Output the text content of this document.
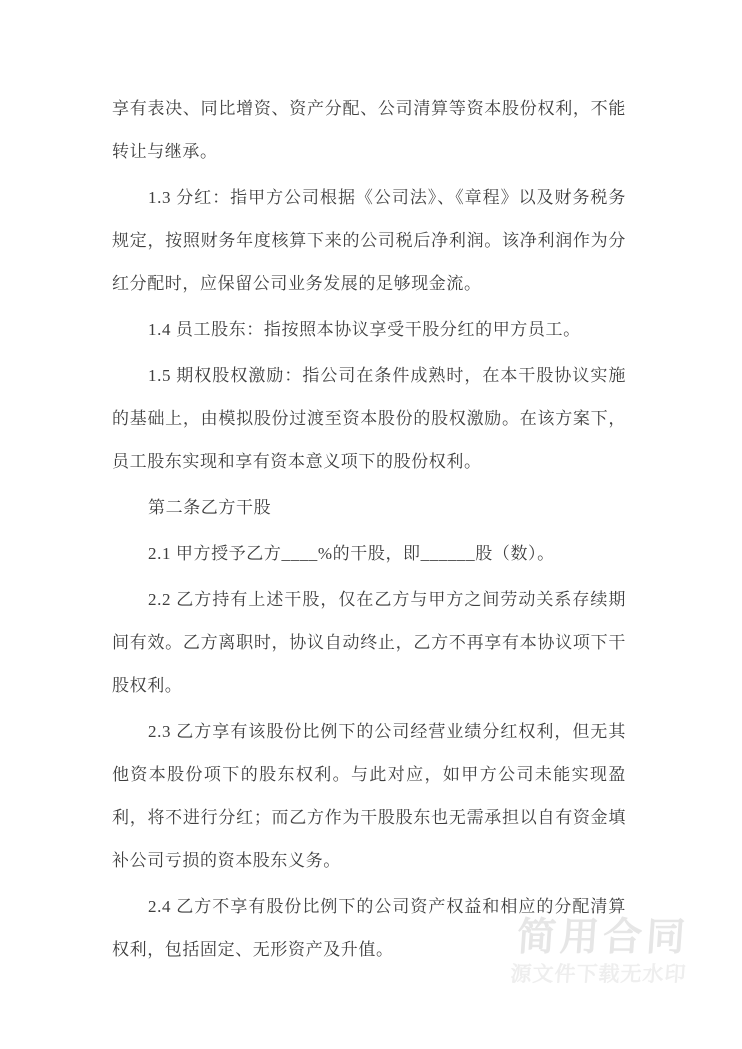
享有表决、同比增资、资产分配、公司清算等资本股份权利，不能转让与继承。

1.3 分红：指甲方公司根据《公司法》、《章程》以及财务税务规定，按照财务年度核算下来的公司税后净利润。该净利润作为分红分配时，应保留公司业务发展的足够现金流。

1.4 员工股东：指按照本协议享受干股分红的甲方员工。

1.5 期权股权激励：指公司在条件成熟时，在本干股协议实施的基础上，由模拟股份过渡至资本股份的股权激励。在该方案下，员工股东实现和享有资本意义项下的股份权利。

第二条乙方干股

2.1 甲方授予乙方____%的干股，即______股（数）。

2.2 乙方持有上述干股，仅在乙方与甲方之间劳动关系存续期间有效。乙方离职时，协议自动终止，乙方不再享有本协议项下干股权利。

2.3 乙方享有该股份比例下的公司经营业绩分红权利，但无其他资本股份项下的股东权利。与此对应，如甲方公司未能实现盈利，将不进行分红；而乙方作为干股股东也无需承担以自有资金填补公司亏损的资本股东义务。

2.4 乙方不享有股份比例下的公司资产权益和相应的分配清算权利，包括固定、无形资产及升值。	简用合同
源文件下载无水印
